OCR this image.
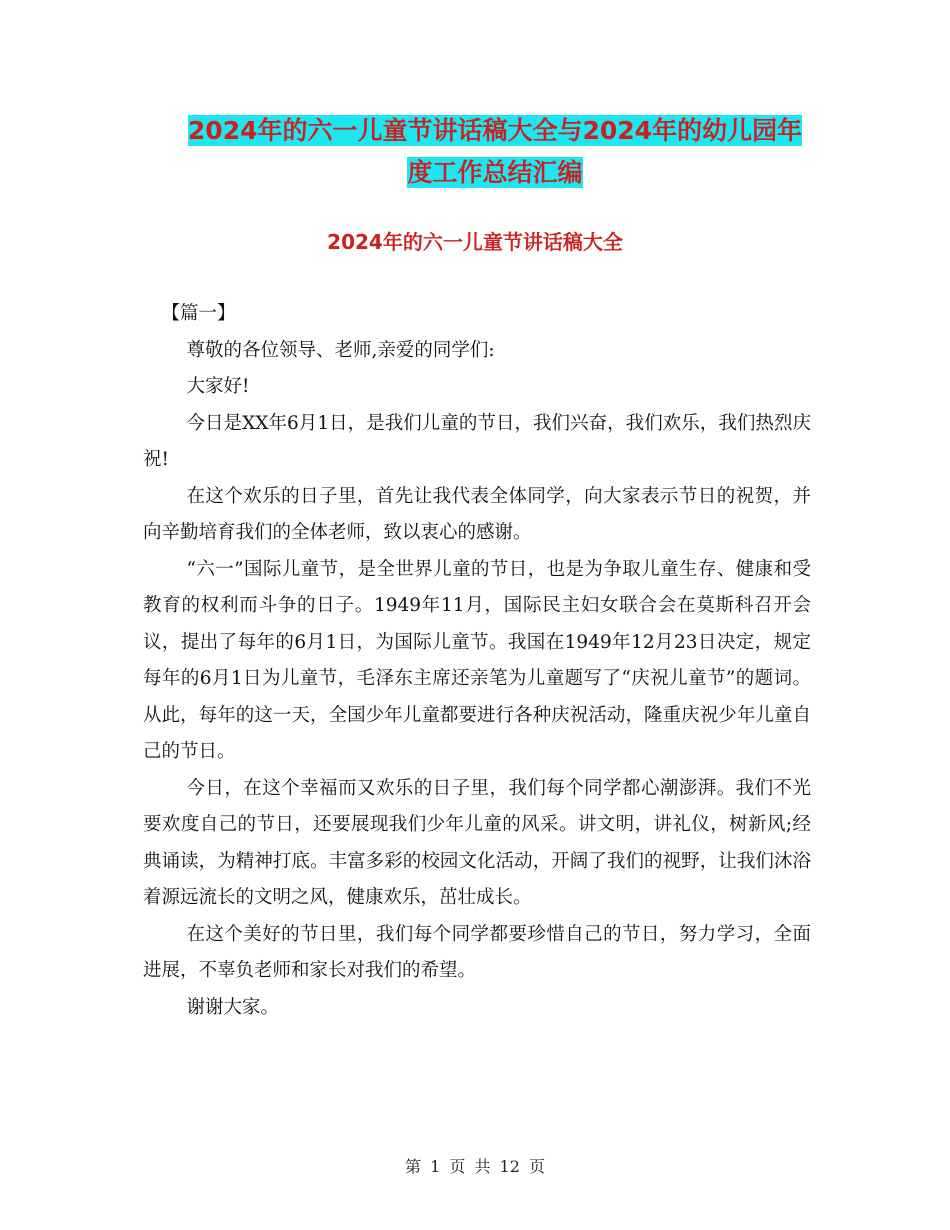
2024年的六一儿童节讲话稿大全与2024年的幼儿园年
度工作总结汇编
2024年的六一儿童节讲话稿大全

【篇一】

尊敬的各位领导、老师,亲爱的同学们:

大家好!

今日是XX年6月1日，是我们儿童的节日，我们兴奋，我们欢乐，我们热烈庆祝!

在这个欢乐的日子里，首先让我代表全体同学，向大家表示节日的祝贺，并向辛勤培育我们的全体老师，致以衷心的感谢。

“六一”国际儿童节，是全世界儿童的节日，也是为争取儿童生存、健康和受教育的权利而斗争的日子。1949年11月，国际民主妇女联合会在莫斯科召开会议，提出了每年的6月1日，为国际儿童节。我国在1949年12月23日决定，规定每年的6月1日为儿童节，毛泽东主席还亲笔为儿童题写了“庆祝儿童节”的题词。从此，每年的这一天，全国少年儿童都要进行各种庆祝活动，隆重庆祝少年儿童自己的节日。

今日，在这个幸福而又欢乐的日子里，我们每个同学都心潮澎湃。我们不光要欢度自己的节日，还要展现我们少年儿童的风采。讲文明，讲礼仪，树新风;经典诵读，为精神打底。丰富多彩的校园文化活动，开阔了我们的视野，让我们沐浴着源远流长的文明之风，健康欢乐，茁壮成长。

在这个美好的节日里，我们每个同学都要珍惜自己的节日，努力学习，全面进展，不辜负老师和家长对我们的希望。

谢谢大家。

第 1 页 共 12 页
